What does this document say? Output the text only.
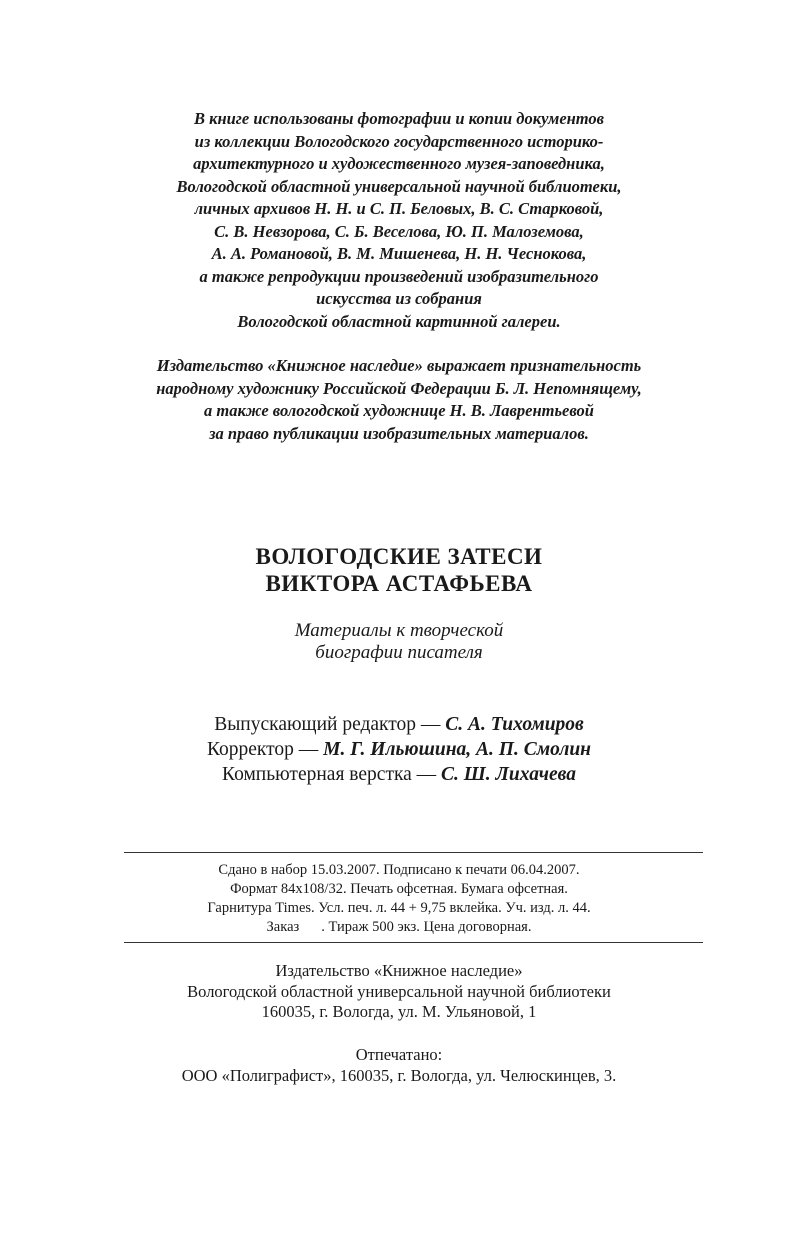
В книге использованы фотографии и копии документов
из коллекции Вологодского государственного историко-
архитектурного и художественного музея-заповедника,
Вологодской областной универсальной научной библиотеки,
личных архивов Н. Н. и С. П. Беловых, В. С. Старковой,
С. В. Невзорова, С. Б. Веселова, Ю. П. Малоземова,
А. А. Романовой, В. М. Мишенева, Н. Н. Чеснокова,
а также репродукции произведений изобразительного
искусства из собрания
Вологодской областной картинной галереи.
Издательство «Книжное наследие» выражает признательность
народному художнику Российской Федерации Б. Л. Непомнящему,
а также вологодской художнице Н. В. Лаврентьевой
за право публикации изобразительных материалов.
ВОЛОГОДСКИЕ ЗАТЕСИ
ВИКТОРА АСТАФЬЕВА
Материалы к творческой
биографии писателя
Выпускающий редактор — С. А. Тихомиров
Корректор — М. Г. Ильюшина, А. П. Смолин
Компьютерная верстка — С. Ш. Лихачева
Сдано в набор 15.03.2007. Подписано к печати 06.04.2007.
Формат 84х108/32. Печать офсетная. Бумага офсетная.
Гарнитура Times. Усл. печ. л. 44 + 9,75 вклейка. Уч. изд. л. 44.
Заказ . Тираж 500 экз. Цена договорная.
Издательство «Книжное наследие»
Вологодской областной универсальной научной библиотеки
160035, г. Вологда, ул. М. Ульяновой, 1
Отпечатано:
ООО «Полиграфист», 160035, г. Вологда, ул. Челюскинцев, 3.
